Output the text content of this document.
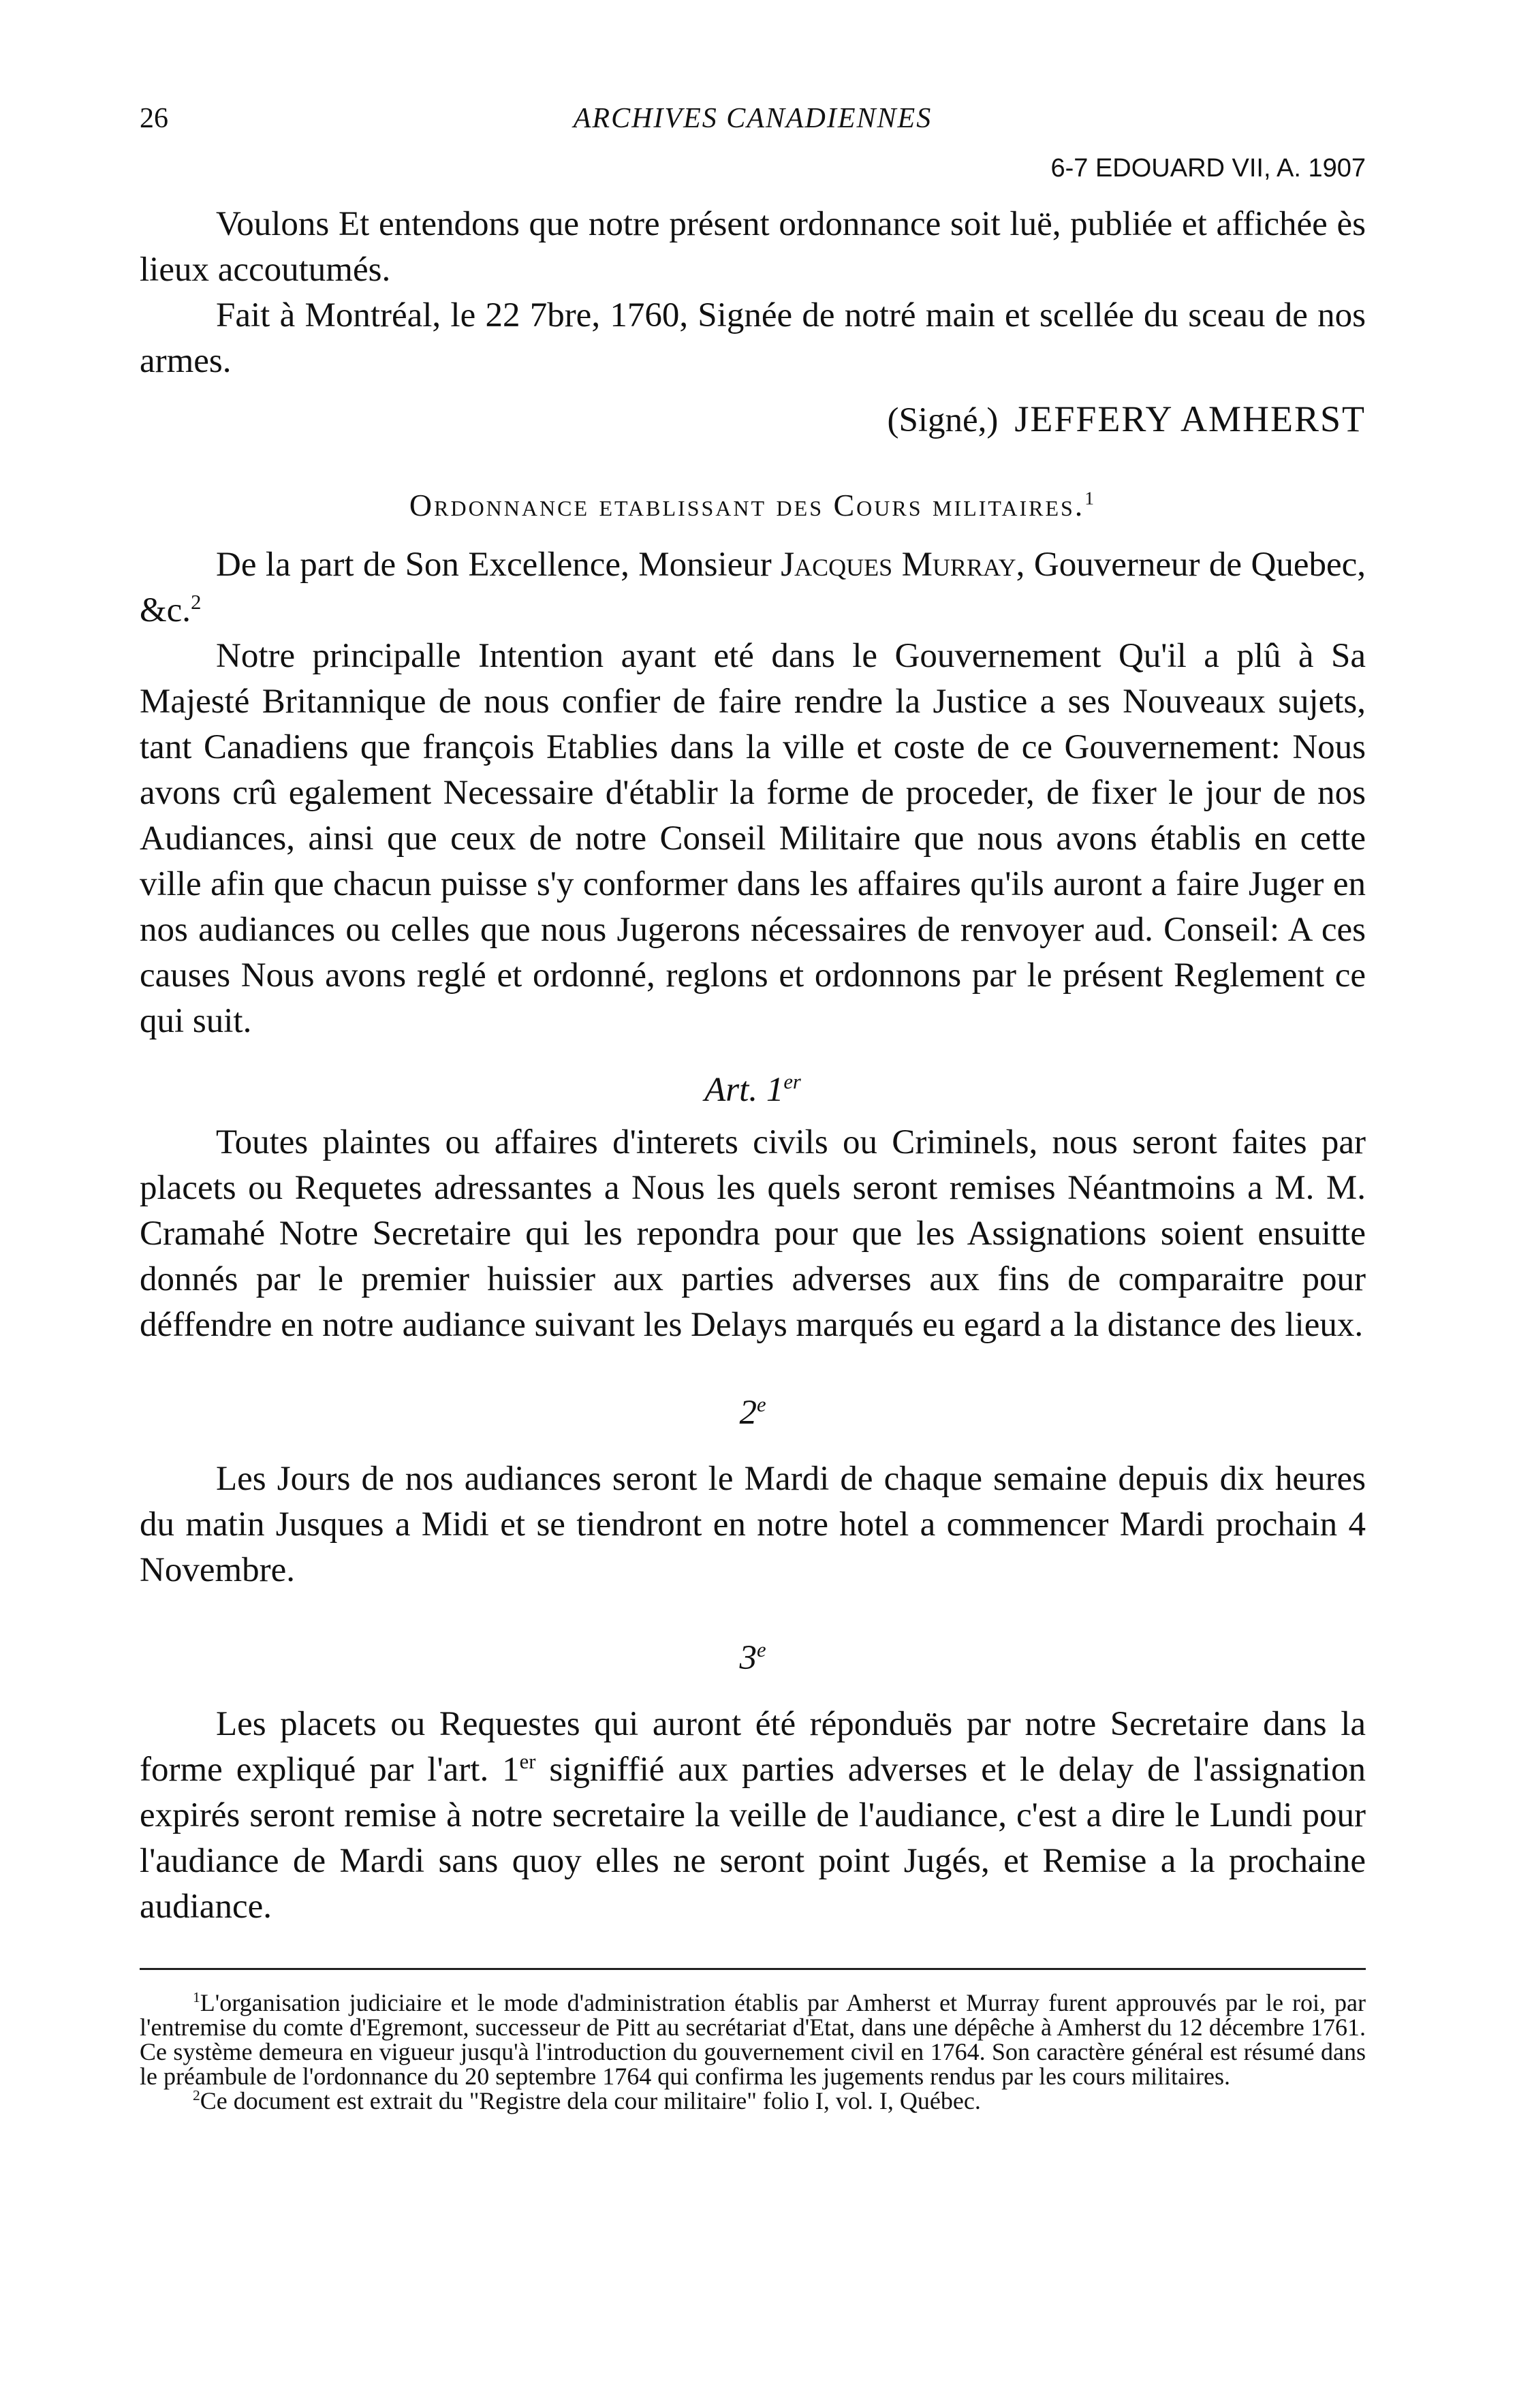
26	ARCHIVES CANADIENNES
6-7 EDOUARD VII, A. 1907

Voulons Et entendons que notre présent ordonnance soit luë, publiée et affichée ès lieux accoutumés.

Fait à Montréal, le 22 7bre, 1760, Signée de notré main et scellée du sceau de nos armes.

(Signé,) JEFFERY AMHERST
Ordonnance etablissant des Cours militaires.$^1$

De la part de Son Excellence, Monsieur Jacques Murray, Gouverneur de Quebec, &c.$^2$

Notre principalle Intention ayant eté dans le Gouvernement Qu'il a plû à Sa Majesté Britannique de nous confier de faire rendre la Justice a ses Nouveaux sujets, tant Canadiens que françois Etablies dans la ville et coste de ce Gouvernement: Nous avons crû egalement Necessaire d'établir la forme de proceder, de fixer le jour de nos Audiances, ainsi que ceux de notre Conseil Militaire que nous avons établis en cette ville afin que chacun puisse s'y conformer dans les affaires qu'ils auront a faire Juger en nos audiances ou celles que nous Jugerons nécessaires de renvoyer aud. Conseil: A ces causes Nous avons reglé et ordonné, reglons et ordonnons par le présent Reglement ce qui suit.

Art. 1er

Toutes plaintes ou affaires d'interets civils ou Criminels, nous seront faites par placets ou Requetes adressantes a Nous les quels seront remises Néantmoins a M. M. Cramahé Notre Secretaire qui les repondra pour que les Assignations soient ensuitte donnés par le premier huissier aux parties adverses aux fins de comparaitre pour déffendre en notre audiance suivant les Delays marqués eu egard a la distance des lieux.

2e

Les Jours de nos audiances seront le Mardi de chaque semaine depuis dix heures du matin Jusques a Midi et se tiendront en notre hotel a commencer Mardi prochain 4 Novembre.

3e

Les placets ou Requestes qui auront été réponduës par notre Secretaire dans la forme expliqué par l'art. 1er signiffié aux parties adverses et le delay de l'assignation expirés seront remise à notre secretaire la veille de l'audiance, c'est a dire le Lundi pour l'audiance de Mardi sans quoy elles ne seront point Jugés, et Remise a la prochaine audiance.

$^1$L'organisation judiciaire et le mode d'administration établis par Amherst et Murray furent approuvés par le roi, par l'entremise du comte d'Egremont, successeur de Pitt au secrétariat d'Etat, dans une dépêche à Amherst du 12 décembre 1761. Ce système demeura en vigueur jusqu'à l'introduction du gouvernement civil en 1764. Son caractère général est résumé dans le préambule de l'ordonnance du 20 septembre 1764 qui confirma les jugements rendus par les cours militaires.

$^2$Ce document est extrait du "Registre dela cour militaire" folio I, vol. I, Québec.
